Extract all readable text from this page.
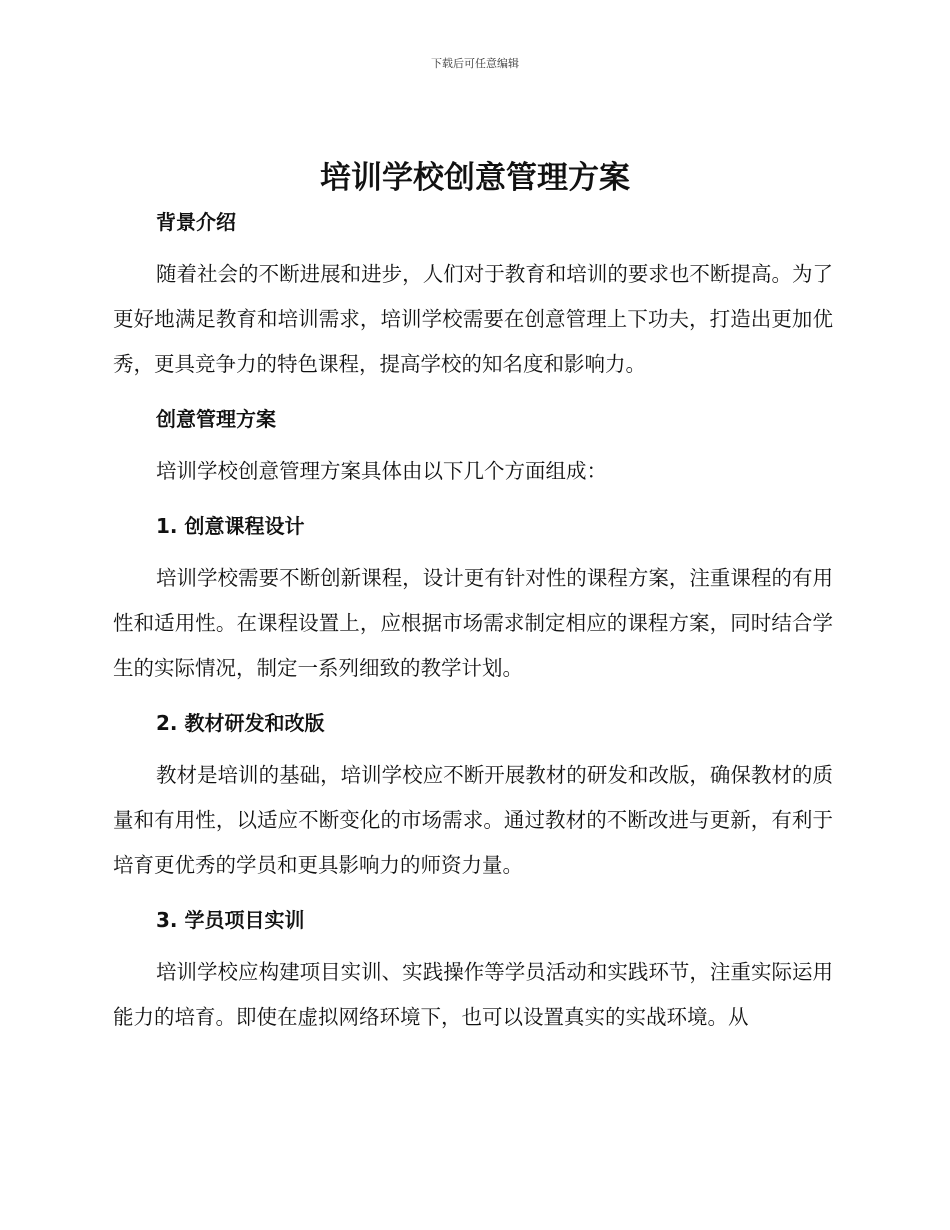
下载后可任意编辑
培训学校创意管理方案

背景介绍

随着社会的不断进展和进步，人们对于教育和培训的要求也不断提高。为了更好地满足教育和培训需求，培训学校需要在创意管理上下功夫，打造出更加优秀，更具竞争力的特色课程，提高学校的知名度和影响力。

创意管理方案

培训学校创意管理方案具体由以下几个方面组成：

1. 创意课程设计

培训学校需要不断创新课程，设计更有针对性的课程方案，注重课程的有用性和适用性。在课程设置上，应根据市场需求制定相应的课程方案，同时结合学生的实际情况，制定一系列细致的教学计划。

2. 教材研发和改版

教材是培训的基础，培训学校应不断开展教材的研发和改版，确保教材的质量和有用性，以适应不断变化的市场需求。通过教材的不断改进与更新，有利于培育更优秀的学员和更具影响力的师资力量。

3. 学员项目实训

培训学校应构建项目实训、实践操作等学员活动和实践环节，注重实际运用能力的培育。即使在虚拟网络环境下，也可以设置真实的实战环境。从
